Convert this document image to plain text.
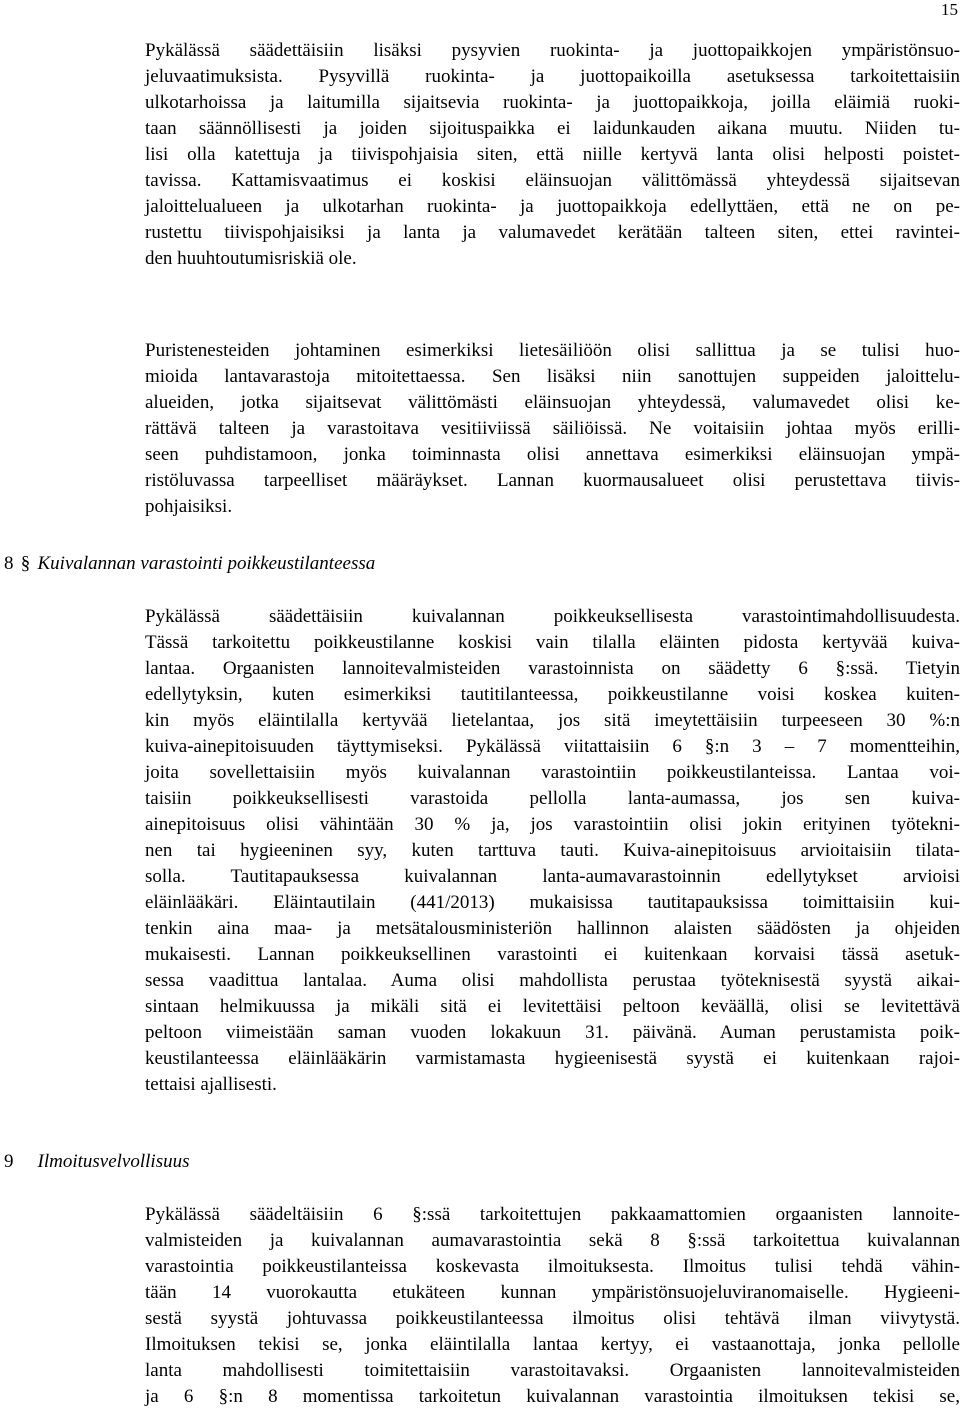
15
Pykälässä säädettäisiin lisäksi pysyvien ruokinta- ja juottopaikkojen ympäristönsuo-
jeluvaatimuksista. Pysyvillä ruokinta- ja juottopaikoilla asetuksessa tarkoitettaisiin
ulkotarhoissa ja laitumilla sijaitsevia ruokinta- ja juottopaikkoja, joilla eläimiä ruoki-
taan säännöllisesti ja joiden sijoituspaikka ei laidunkauden aikana muutu. Niiden tu-
lisi olla katettuja ja tiivispohjaisia siten, että niille kertyvä lanta olisi helposti poistet-
tavissa. Kattamisvaatimus ei koskisi eläinsuojan välittömässä yhteydessä sijaitsevan
jaloittelualueen ja ulkotarhan ruokinta- ja juottopaikkoja edellyttäen, että ne on pe-
rustettu tiivispohjaisiksi ja lanta ja valumavedet kerätään talteen siten, ettei ravintei-
den huuhtoutumisriskiä ole.
Puristenesteiden johtaminen esimerkiksi lietesäiliöön olisi sallittua ja se tulisi huo-
mioida lantavarastoja mitoitettaessa. Sen lisäksi niin sanottujen suppeiden jaloittelu-
alueiden, jotka sijaitsevat välittömästi eläinsuojan yhteydessä, valumavedet olisi ke-
rättävä talteen ja varastoitava vesitiiviissä säiliöissä. Ne voitaisiin johtaa myös erilli-
seen puhdistamoon, jonka toiminnasta olisi annettava esimerkiksi eläinsuojan ympä-
ristöluvassa tarpeelliset määräykset. Lannan kuormausalueet olisi perustettava tiivis-
pohjaisiksi.
8 § Kuivalannan varastointi poikkeustilanteessa
Pykälässä säädettäisiin kuivalannan poikkeuksellisesta varastointimahdollisuudesta.
Tässä tarkoitettu poikkeustilanne koskisi vain tilalla eläinten pidosta kertyvää kuiva-
lantaa. Orgaanisten lannoitevalmisteiden varastoinnista on säädetty 6 §:ssä. Tietyin
edellytyksin, kuten esimerkiksi tautitilanteessa, poikkeustilanne voisi koskea kuiten-
kin myös eläintilalla kertyvää lietelantaa, jos sitä imeytettäisiin turpeeseen 30 %:n
kuiva-ainepitoisuuden täyttymiseksi. Pykälässä viitattaisiin 6 §:n 3 – 7 momentteihin,
joita sovellettaisiin myös kuivalannan varastointiin poikkeustilanteissa. Lantaa voi-
taisiin poikkeuksellisesti varastoida pellolla lanta-aumassa, jos sen kuiva-
ainepitoisuus olisi vähintään 30 % ja, jos varastointiin olisi jokin erityinen työtekni-
nen tai hygieeninen syy, kuten tarttuva tauti. Kuiva-ainepitoisuus arvioitaisiin tilata-
solla. Tautitapauksessa kuivalannan lanta-aumavarastoinnin edellytykset arvioisi
eläinlääkäri. Eläintautilain (441/2013) mukaisissa tautitapauksissa toimittaisiin kui-
tenkin aina maa- ja metsätalousministeriön hallinnon alaisten säädösten ja ohjeiden
mukaisesti. Lannan poikkeuksellinen varastointi ei kuitenkaan korvaisi tässä asetuk-
sessa vaadittua lantalaa. Auma olisi mahdollista perustaa työteknisestä syystä aikai-
sintaan helmikuussa ja mikäli sitä ei levitettäisi peltoon keväällä, olisi se levitettävä
peltoon viimeistään saman vuoden lokakuun 31. päivänä. Auman perustamista poik-
keustilanteessa eläinlääkärin varmistamasta hygieenisestä syystä ei kuitenkaan rajoi-
tettaisi ajallisesti.
9 Ilmoitusvelvollisuus
Pykälässä säädeltäisiin 6 §:ssä tarkoitettujen pakkaamattomien orgaanisten lannoite-
valmisteiden ja kuivalannan aumavarastointia sekä 8 §:ssä tarkoitettua kuivalannan
varastointia poikkeustilanteissa koskevasta ilmoituksesta. Ilmoitus tulisi tehdä vähin-
tään 14 vuorokautta etukäteen kunnan ympäristönsuojeluviranomaiselle. Hygieeni-
sestä syystä johtuvassa poikkeustilanteessa ilmoitus olisi tehtävä ilman viivytystä.
Ilmoituksen tekisi se, jonka eläintilalla lantaa kertyy, ei vastaanottaja, jonka pellolle
lanta mahdollisesti toimitettaisiin varastoitavaksi. Orgaanisten lannoitevalmisteiden
ja 6 §:n 8 momentissa tarkoitetun kuivalannan varastointia ilmoituksen tekisi se,
